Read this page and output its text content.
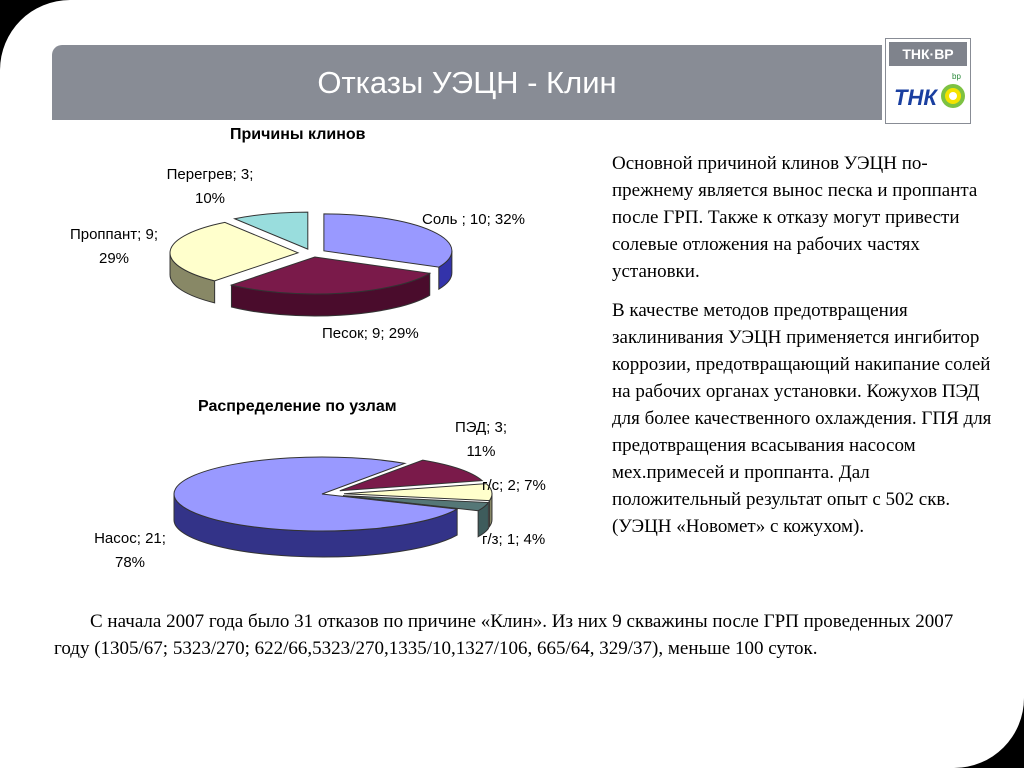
Отказы УЭЦН - Клин
ТНК·BP
ТНК
bp
Причины клинов
Соль ; 10; 32%
Песок; 9; 29%
Проппант; 9;
29%
Перегрев; 3;
10%
Распределение по узлам
Насос; 21;
78%
ПЭД; 3;
11%
г/с; 2; 7%
г/з; 1; 4%

Основной причиной клинов УЭЦН по-прежнему является вынос песка и проппанта после ГРП. Также к отказу могут привести солевые отложения на рабочих частях установки.

В качестве методов предотвращения заклинивания УЭЦН применяется ингибитор коррозии, предотвращающий накипание солей на рабочих органах установки. Кожухов ПЭД для более качественного охлаждения. ГПЯ для предотвращения всасывания насосом мех.примесей и проппанта. Дал положительный результат опыт с 502 скв. (УЭЦН «Новомет» с кожухом).

С начала 2007 года было 31 отказов по причине «Клин». Из них 9 скважины после ГРП проведенных 2007 году (1305/67; 5323/270; 622/66,5323/270,1335/10,1327/106, 665/64, 329/37), меньше 100 суток.
